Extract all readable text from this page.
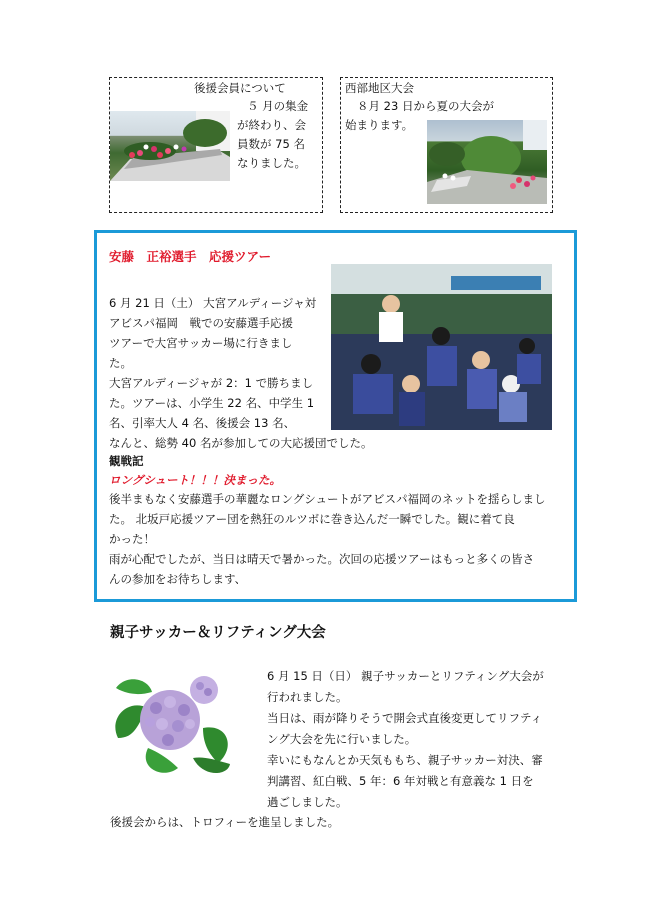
後援会員について
５ 月の集金
が終わり、会
員数が 75 名
なりました。
西部地区大会
８月 23 日から夏の大会が
始まります。
安藤　正裕選手　応援ツアー
6 月 21 日（土） 大宮アルディージャ対
アビスパ福岡　戦での安藤選手応援
ツアーで大宮サッカー場に行きまし
た。
大宮アルディージャが 2：1 で勝ちまし
た。ツアーは、小学生 22 名、中学生 1
名、引率大人 4 名、後援会 13 名、
なんと、総勢 40 名が参加しての大応援団でした。
観戦記
ロングシュート！！！決まった。
後半まもなく安藤選手の華麗なロングシュートがアビスパ福岡のネットを揺らしまし
た。 北坂戸応援ツアー団を熱狂のルツボに巻き込んだ一瞬でした。観に着て良
かった！
雨が心配でしたが、当日は晴天で暑かった。次回の応援ツアーはもっと多くの皆さ
んの参加をお待ちします、
親子サッカー＆リフティング大会
6 月 15 日（日） 親子サッカーとリフティング大会が
行われました。
当日は、雨が降りそうで開会式直後変更してリフティ
ング大会を先に行いました。
幸いにもなんとか天気ももち、親子サッカー対決、審
判講習、紅白戦、5 年：6 年対戦と有意義な 1 日を
過ごしました。
後援会からは、トロフィーを進呈しました。
